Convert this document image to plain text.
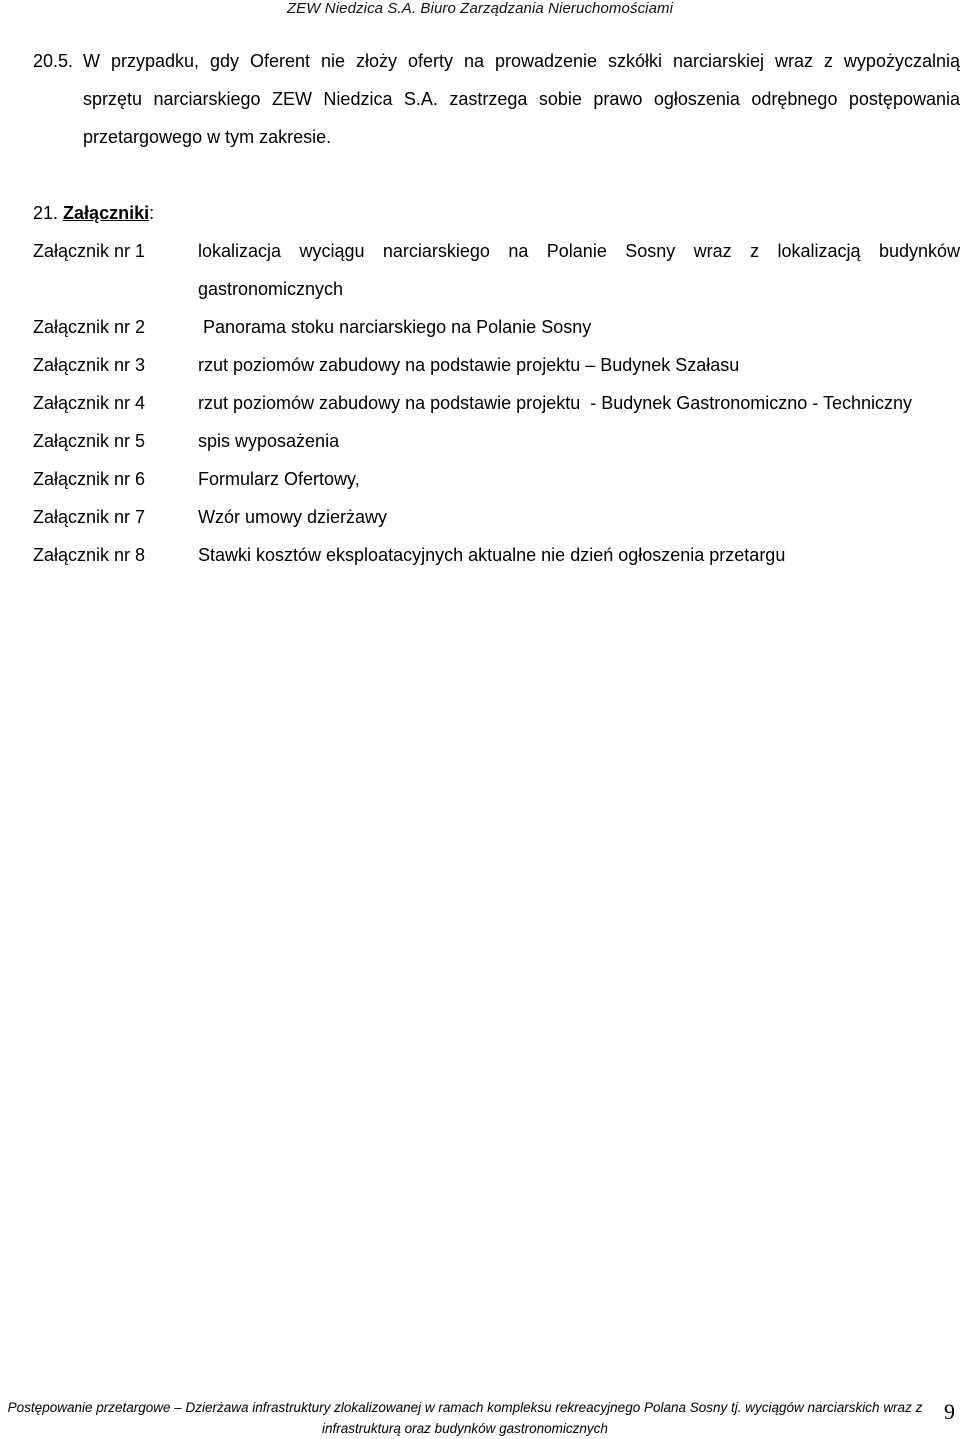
ZEW Niedzica S.A. Biuro Zarządzania Nieruchomościami
20.5. W przypadku, gdy Oferent nie złoży oferty na prowadzenie szkółki narciarskiej wraz z wypożyczalnią
sprzętu narciarskiego ZEW Niedzica S.A. zastrzega sobie prawo ogłoszenia odrębnego postępowania
przetargowego w tym zakresie.
21. Załączniki:
Załącznik nr 1	lokalizacja wyciągu narciarskiego na Polanie Sosny wraz z lokalizacją budynków
gastronomicznych
Załącznik nr 2	Panorama stoku narciarskiego na Polanie Sosny
Załącznik nr 3	rzut poziomów zabudowy na podstawie projektu – Budynek Szałasu
Załącznik nr 4	rzut poziomów zabudowy na podstawie projektu  - Budynek Gastronomiczno - Techniczny
Załącznik nr 5	spis wyposażenia
Załącznik nr 6	Formularz Ofertowy,
Załącznik nr 7	Wzór umowy dzierżawy
Załącznik nr 8	Stawki kosztów eksploatacyjnych aktualne nie dzień ogłoszenia przetargu
Postępowanie przetargowe – Dzierżawa infrastruktury zlokalizowanej w ramach kompleksu rekreacyjnego Polana Sosny tj. wyciągów narciarskich wraz z
infrastrukturą oraz budynków gastronomicznych
9
